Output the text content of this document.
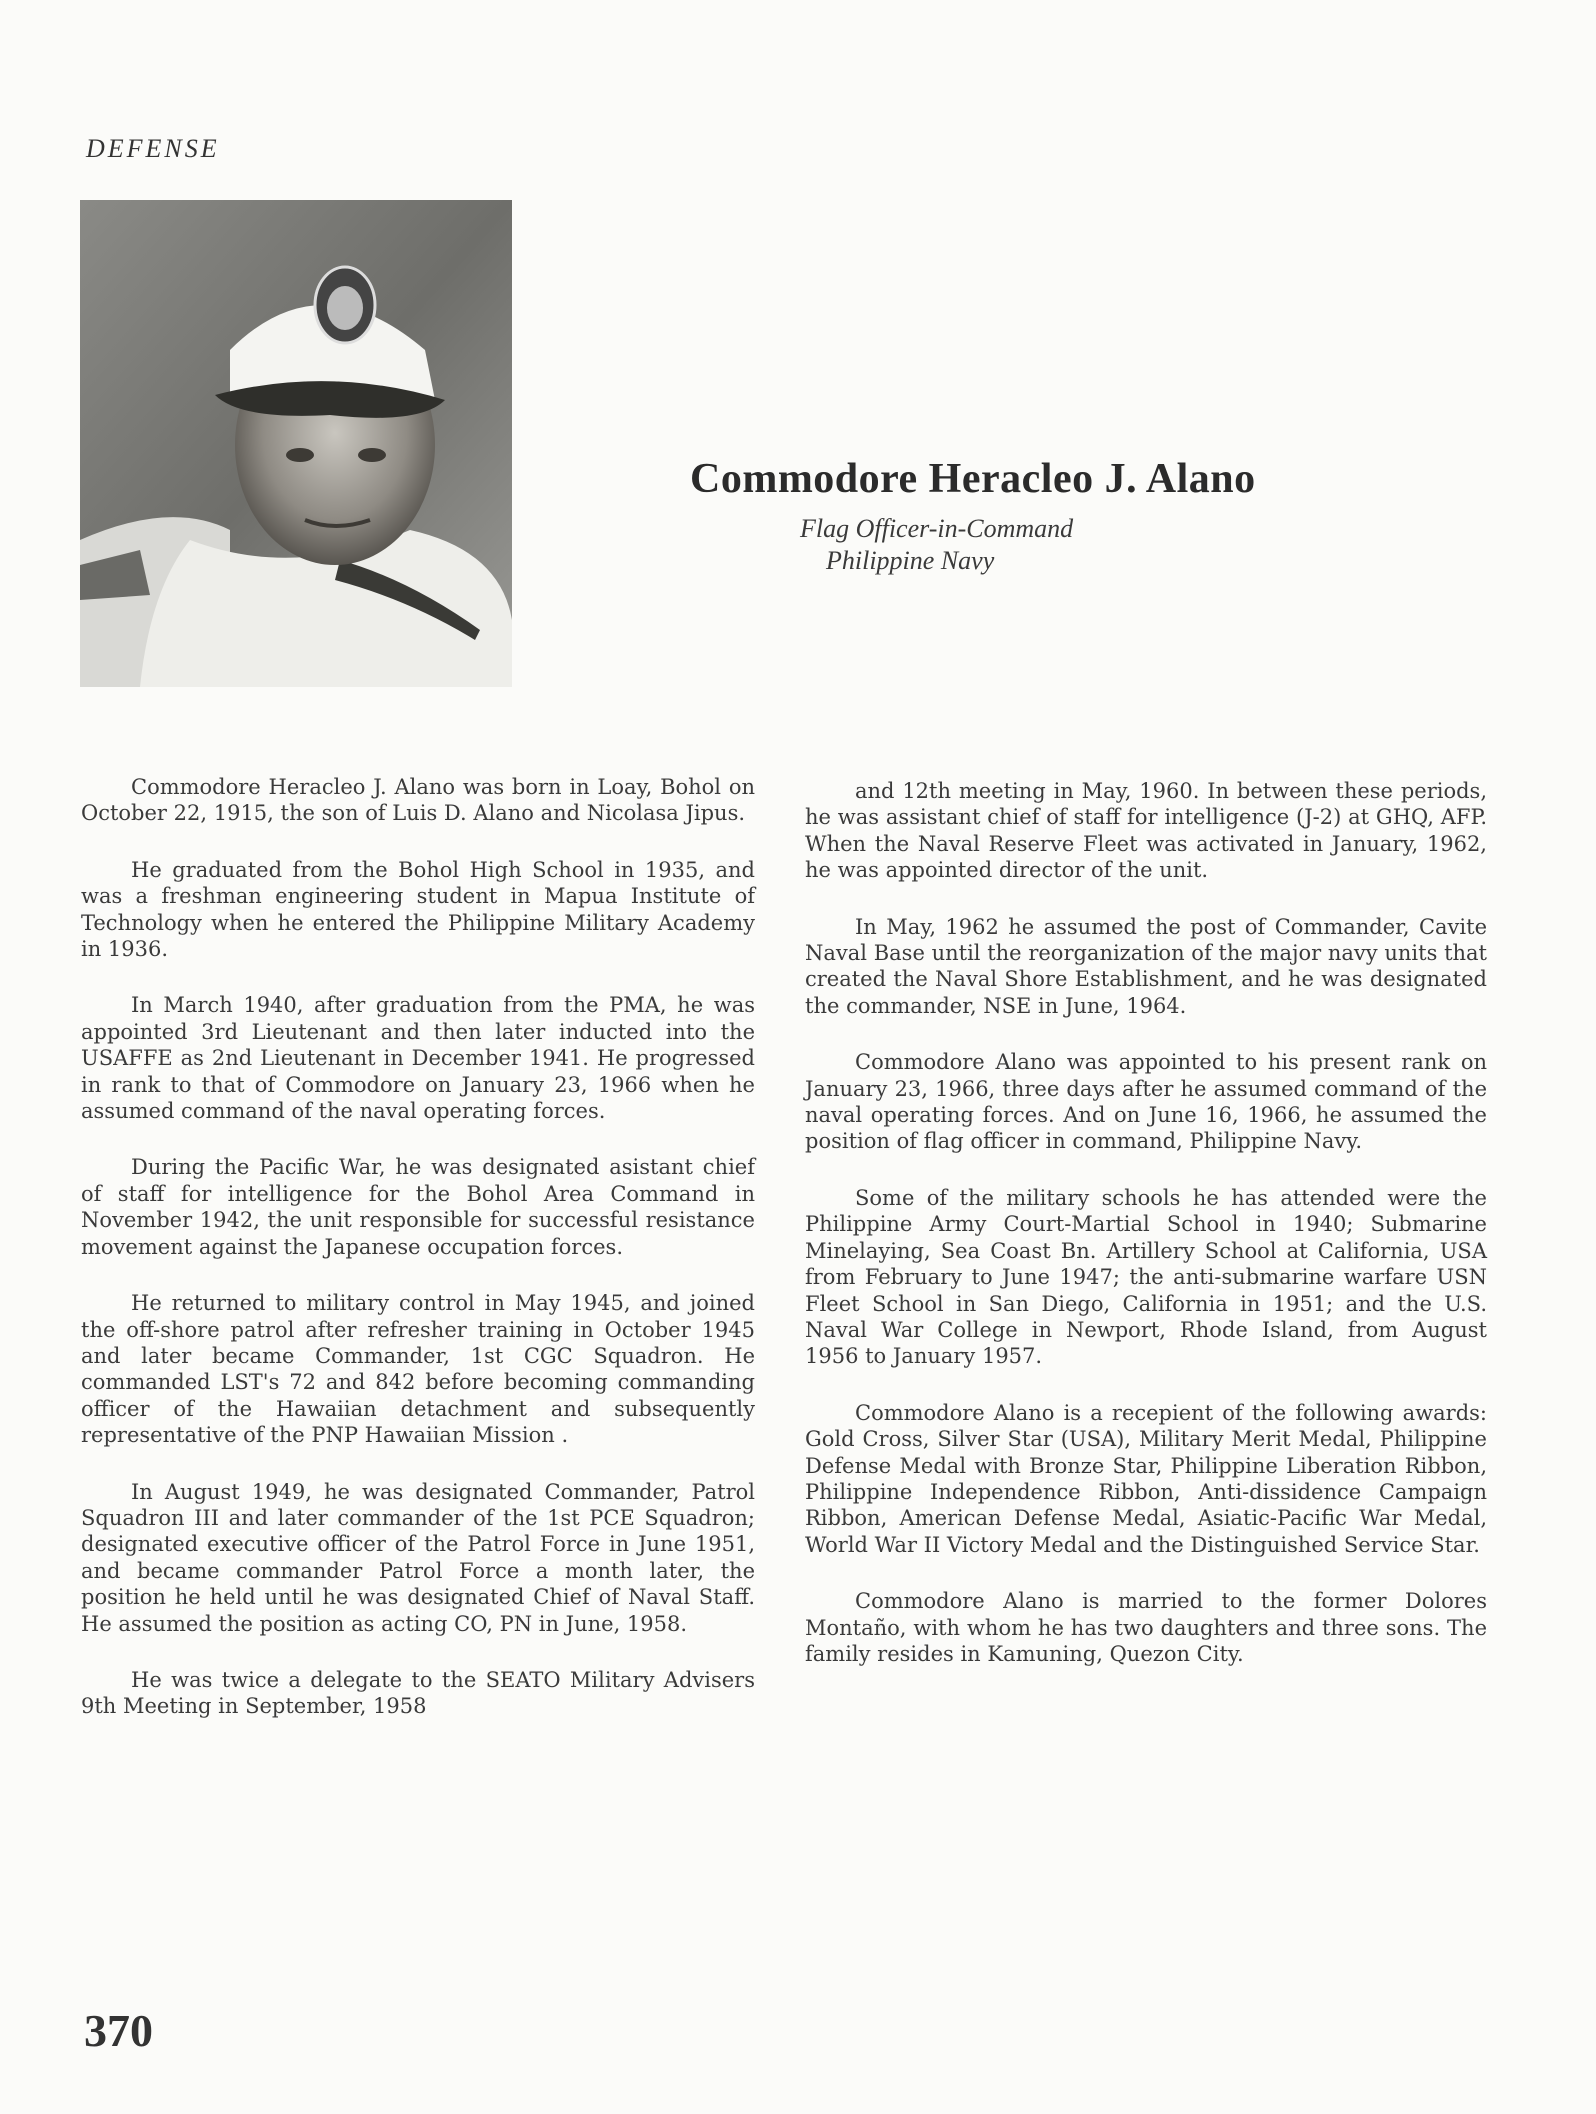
DEFENSE
Commodore Heracleo J. Alano
Flag Officer-in-Command
Philippine Navy

Commodore Heracleo J. Alano was born in Loay, Bohol on October 22, 1915, the son of Luis D. Alano and Nicolasa Jipus.

He graduated from the Bohol High School in 1935, and was a freshman engineering student in Mapua Institute of Technology when he entered the Philippine Military Academy in 1936.

In March 1940, after graduation from the PMA, he was appointed 3rd Lieutenant and then later inducted into the USAFFE as 2nd Lieutenant in December 1941. He progressed in rank to that of Commodore on January 23, 1966 when he assumed command of the naval operating forces.

During the Pacific War, he was designated asistant chief of staff for intelligence for the Bohol Area Command in November 1942, the unit responsible for successful resistance movement against the Japanese occupation forces.

He returned to military control in May 1945, and joined the off-shore patrol after refresher training in October 1945 and later became Commander, 1st CGC Squadron. He commanded LST's 72 and 842 before becoming commanding officer of the Hawaiian detachment and subsequently representative of the PNP Hawaiian Mission .

In August 1949, he was designated Commander, Patrol Squadron III and later commander of the 1st PCE Squadron; designated executive officer of the Patrol Force in June 1951, and became commander Patrol Force a month later, the position he held until he was designated Chief of Naval Staff. He assumed the position as acting CO, PN in June, 1958.

He was twice a delegate to the SEATO Military Advisers 9th Meeting in September, 1958

and 12th meeting in May, 1960. In between these periods, he was assistant chief of staff for intelligence (J-2) at GHQ, AFP. When the Naval Reserve Fleet was activated in January, 1962, he was appointed director of the unit.

In May, 1962 he assumed the post of Commander, Cavite Naval Base until the reorganization of the major navy units that created the Naval Shore Establishment, and he was designated the commander, NSE in June, 1964.

Commodore Alano was appointed to his present rank on January 23, 1966, three days after he assumed command of the naval operating forces. And on June 16, 1966, he assumed the position of flag officer in command, Philippine Navy.

Some of the military schools he has attended were the Philippine Army Court-Martial School in 1940; Submarine Minelaying, Sea Coast Bn. Artillery School at California, USA from February to June 1947; the anti-submarine warfare USN Fleet School in San Diego, California in 1951; and the U.S. Naval War College in Newport, Rhode Island, from August 1956 to January 1957.

Commodore Alano is a recepient of the following awards: Gold Cross, Silver Star (USA), Military Merit Medal, Philippine Defense Medal with Bronze Star, Philippine Liberation Ribbon, Philippine Independence Ribbon, Anti-dissidence Campaign Ribbon, American Defense Medal, Asiatic-Pacific War Medal, World War II Victory Medal and the Distinguished Service Star.

Commodore Alano is married to the former Dolores Montaño, with whom he has two daughters and three sons. The family resides in Kamuning, Quezon City.

370
